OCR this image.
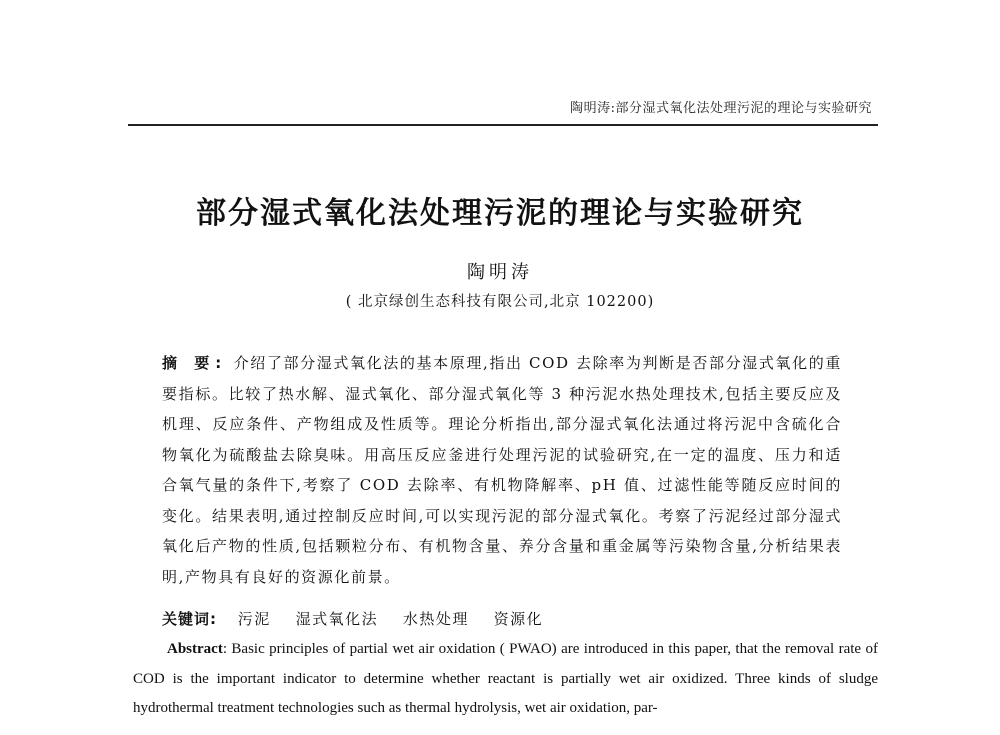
陶明涛:部分湿式氧化法处理污泥的理论与实验研究
部分湿式氧化法处理污泥的理论与实验研究
陶明涛
( 北京绿创生态科技有限公司,北京 102200)
摘 要: 介绍了部分湿式氧化法的基本原理,指出 COD 去除率为判断是否部分湿式氧化的重要指标。比较了热水解、湿式氧化、部分湿式氧化等 3 种污泥水热处理技术,包括主要反应及机理、反应条件、产物组成及性质等。理论分析指出,部分湿式氧化法通过将污泥中含硫化合物氧化为硫酸盐去除臭味。用高压反应釜进行处理污泥的试验研究,在一定的温度、压力和适合氧气量的条件下,考察了 COD 去除率、有机物降解率、pH 值、过滤性能等随反应时间的变化。结果表明,通过控制反应时间,可以实现污泥的部分湿式氧化。考察了污泥经过部分湿式氧化后产物的性质,包括颗粒分布、有机物含量、养分含量和重金属等污染物含量,分析结果表明,产物具有良好的资源化前景。
关键词: 污泥 湿式氧化法 水热处理 资源化
Abstract: Basic principles of partial wet air oxidation ( PWAO) are introduced in this paper, that the removal rate of COD is the important indicator to determine whether reactant is partially wet air oxidized. Three kinds of sludge hydrothermal treatment technologies such as thermal hydrolysis, wet air oxidation, par-
